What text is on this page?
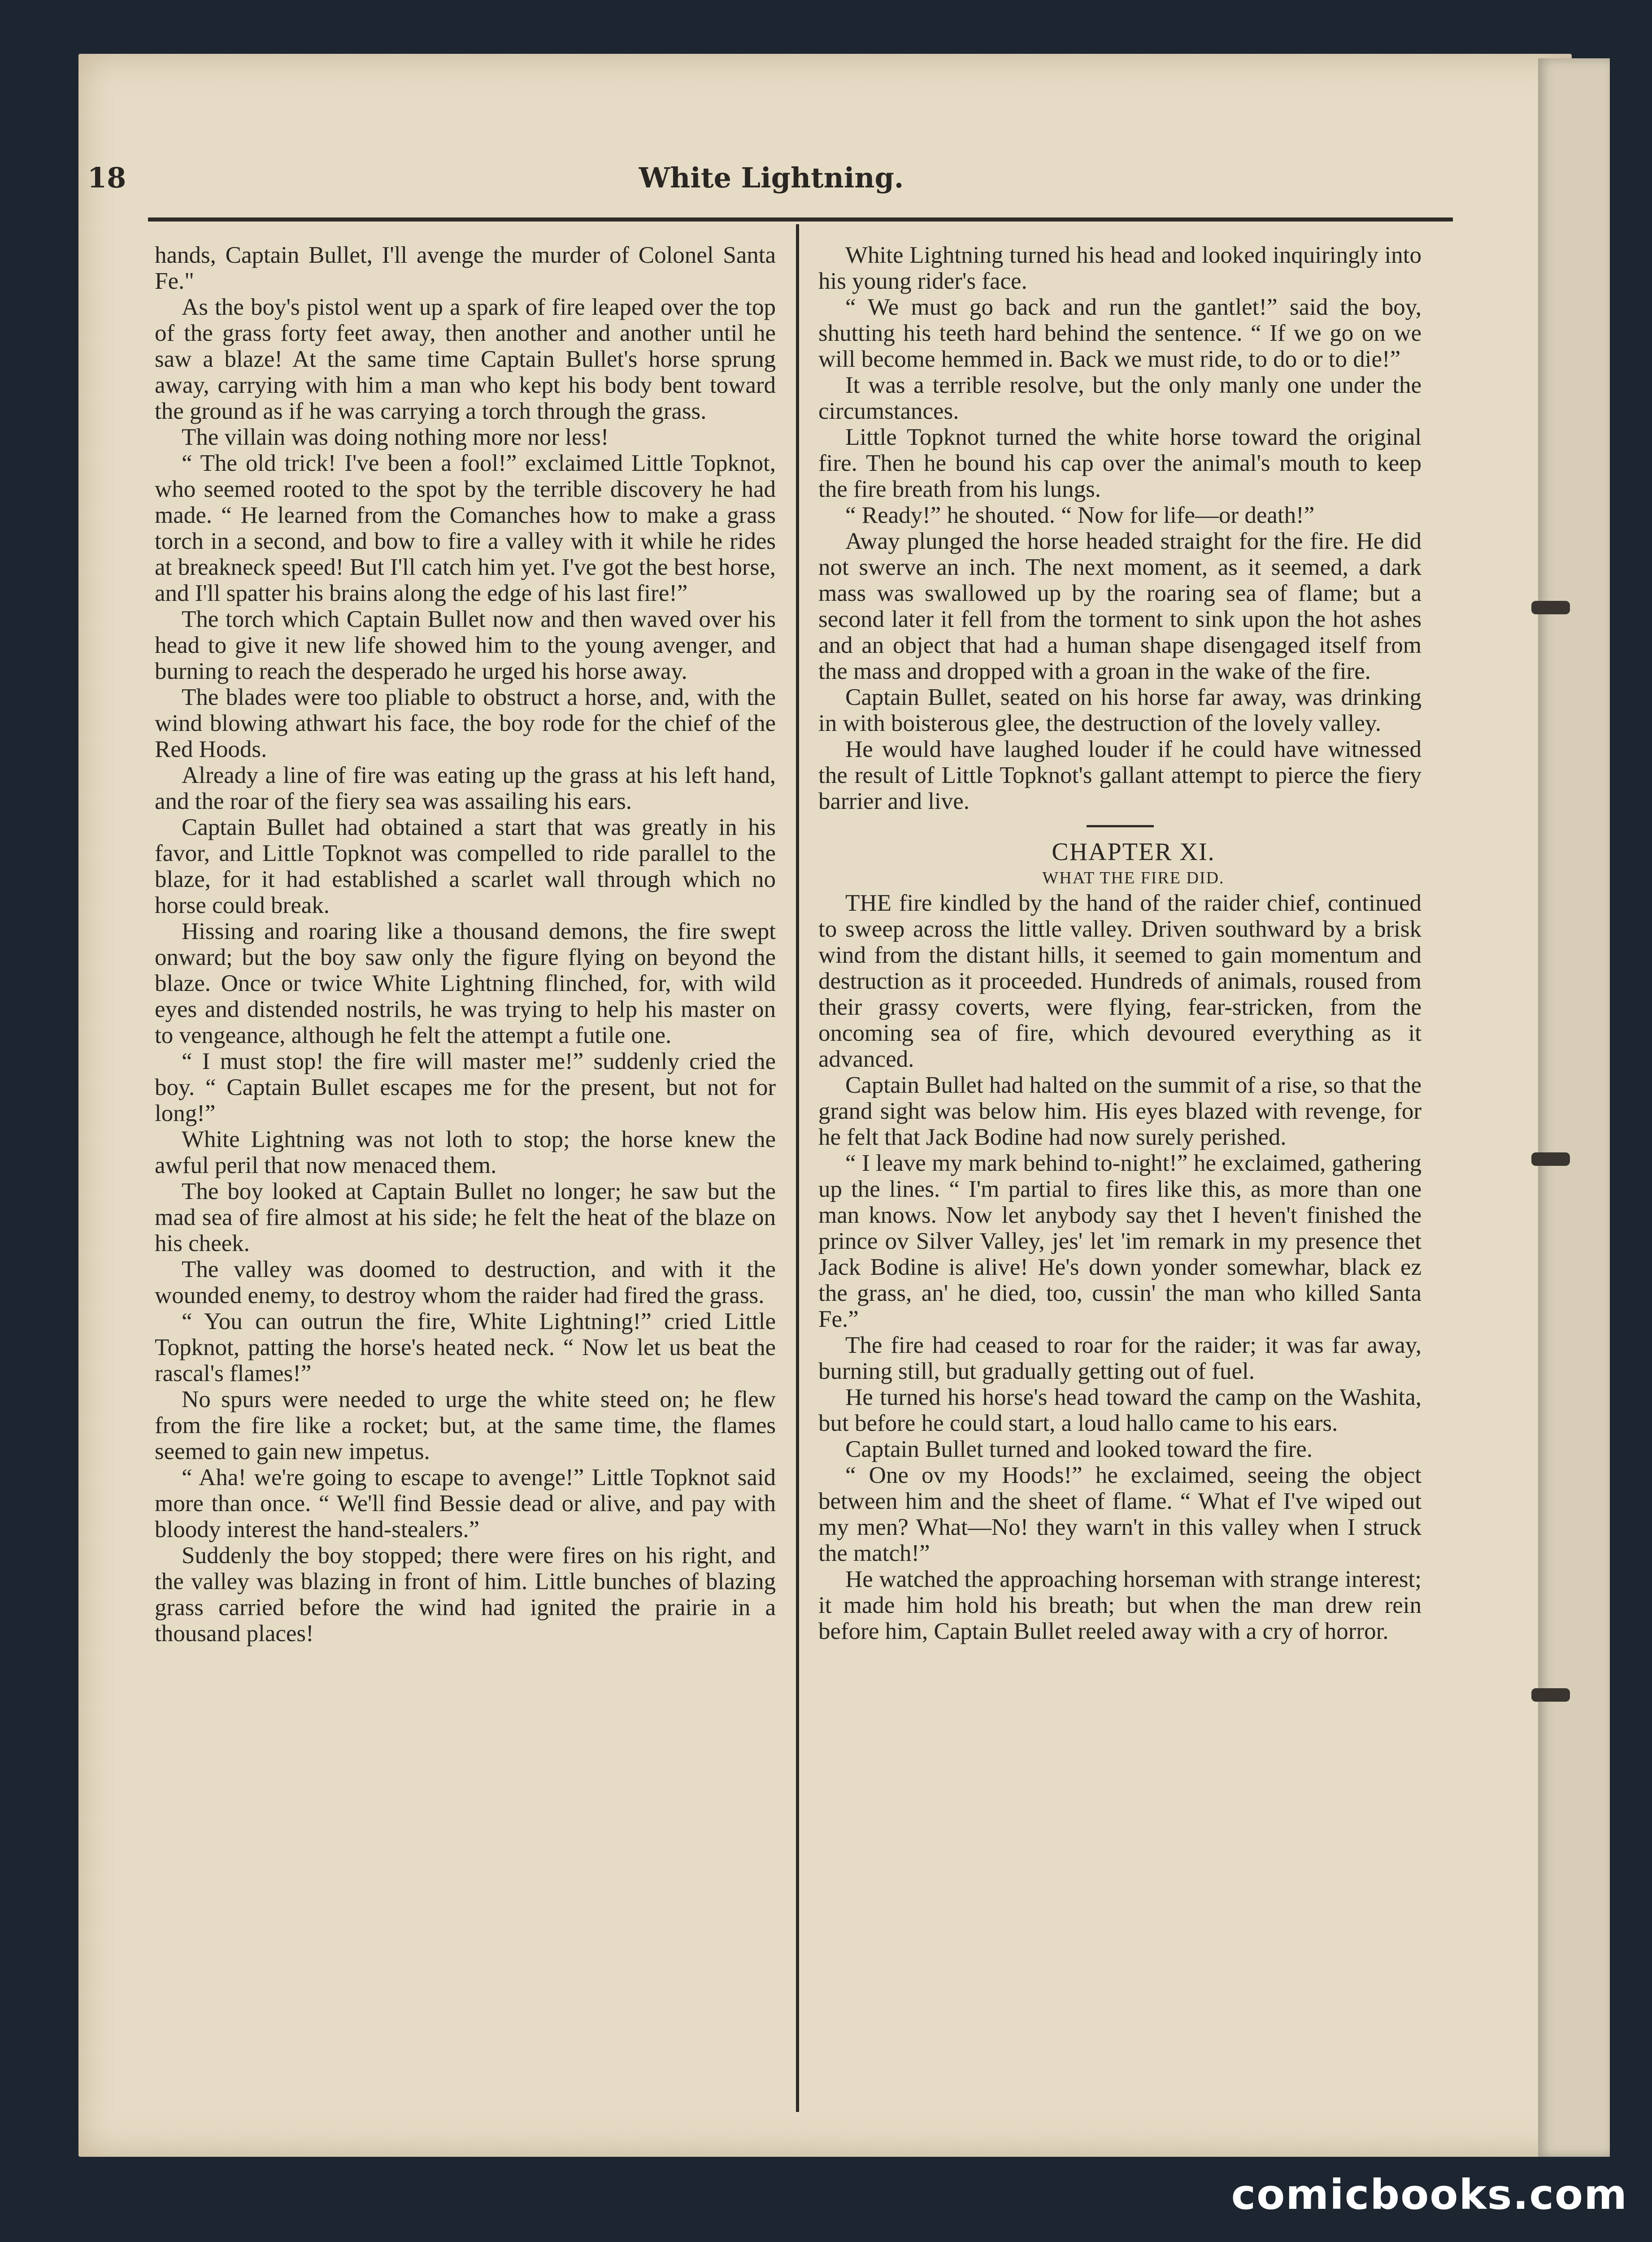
18	White Lightning.

hands, Captain Bullet, I'll avenge the murder of Colonel Santa Fe."

As the boy's pistol went up a spark of fire leaped over the top of the grass forty feet away, then another and another until he saw a blaze! At the same time Captain Bullet's horse sprung away, carrying with him a man who kept his body bent toward the ground as if he was carrying a torch through the grass.

The villain was doing nothing more nor less!

“ The old trick! I've been a fool!” exclaimed Little Topknot, who seemed rooted to the spot by the terrible discovery he had made. “ He learned from the Comanches how to make a grass torch in a second, and bow to fire a valley with it while he rides at breakneck speed! But I'll catch him yet. I've got the best horse, and I'll spatter his brains along the edge of his last fire!”

The torch which Captain Bullet now and then waved over his head to give it new life showed him to the young avenger, and burning to reach the desperado he urged his horse away.

The blades were too pliable to obstruct a horse, and, with the wind blowing athwart his face, the boy rode for the chief of the Red Hoods.

Already a line of fire was eating up the grass at his left hand, and the roar of the fiery sea was assailing his ears.

Captain Bullet had obtained a start that was greatly in his favor, and Little Topknot was compelled to ride parallel to the blaze, for it had established a scarlet wall through which no horse could break.

Hissing and roaring like a thousand demons, the fire swept onward; but the boy saw only the figure flying on beyond the blaze. Once or twice White Lightning flinched, for, with wild eyes and distended nostrils, he was trying to help his master on to vengeance, although he felt the attempt a futile one.

“ I must stop! the fire will master me!” suddenly cried the boy. “ Captain Bullet escapes me for the present, but not for long!”

White Lightning was not loth to stop; the horse knew the awful peril that now menaced them.

The boy looked at Captain Bullet no longer; he saw but the mad sea of fire almost at his side; he felt the heat of the blaze on his cheek.

The valley was doomed to destruction, and with it the wounded enemy, to destroy whom the raider had fired the grass.

“ You can outrun the fire, White Lightning!” cried Little Topknot, patting the horse's heated neck. “ Now let us beat the rascal's flames!”

No spurs were needed to urge the white steed on; he flew from the fire like a rocket; but, at the same time, the flames seemed to gain new impetus.

“ Aha! we're going to escape to avenge!” Little Topknot said more than once. “ We'll find Bessie dead or alive, and pay with bloody interest the hand-stealers.”

Suddenly the boy stopped; there were fires on his right, and the valley was blazing in front of him. Little bunches of blazing grass carried before the wind had ignited the prairie in a thousand places!

White Lightning turned his head and looked inquiringly into his young rider's face.

“ We must go back and run the gantlet!” said the boy, shutting his teeth hard behind the sentence. “ If we go on we will become hemmed in. Back we must ride, to do or to die!”

It was a terrible resolve, but the only manly one under the circumstances.

Little Topknot turned the white horse toward the original fire. Then he bound his cap over the animal's mouth to keep the fire breath from his lungs.

“ Ready!” he shouted. “ Now for life—or death!”

Away plunged the horse headed straight for the fire. He did not swerve an inch. The next moment, as it seemed, a dark mass was swallowed up by the roaring sea of flame; but a second later it fell from the torment to sink upon the hot ashes and an object that had a human shape disengaged itself from the mass and dropped with a groan in the wake of the fire.

Captain Bullet, seated on his horse far away, was drinking in with boisterous glee, the destruction of the lovely valley.

He would have laughed louder if he could have witnessed the result of Little Topknot's gallant attempt to pierce the fiery barrier and live.

CHAPTER XI.

WHAT THE FIRE DID.

THE fire kindled by the hand of the raider chief, continued to sweep across the little valley. Driven southward by a brisk wind from the distant hills, it seemed to gain momentum and destruction as it proceeded. Hundreds of animals, roused from their grassy coverts, were flying, fear-stricken, from the oncoming sea of fire, which devoured everything as it advanced.

Captain Bullet had halted on the summit of a rise, so that the grand sight was below him. His eyes blazed with revenge, for he felt that Jack Bodine had now surely perished.

“ I leave my mark behind to-night!” he exclaimed, gathering up the lines. “ I'm partial to fires like this, as more than one man knows. Now let anybody say thet I heven't finished the prince ov Silver Valley, jes' let 'im remark in my presence thet Jack Bodine is alive! He's down yonder somewhar, black ez the grass, an' he died, too, cussin' the man who killed Santa Fe.”

The fire had ceased to roar for the raider; it was far away, burning still, but gradually getting out of fuel.

He turned his horse's head toward the camp on the Washita, but before he could start, a loud hallo came to his ears.

Captain Bullet turned and looked toward the fire.

“ One ov my Hoods!” he exclaimed, seeing the object between him and the sheet of flame. “ What ef I've wiped out my men? What—No! they warn't in this valley when I struck the match!”

He watched the approaching horseman with strange interest; it made him hold his breath; but when the man drew rein before him, Captain Bullet reeled away with a cry of horror.

comicbooks.com
